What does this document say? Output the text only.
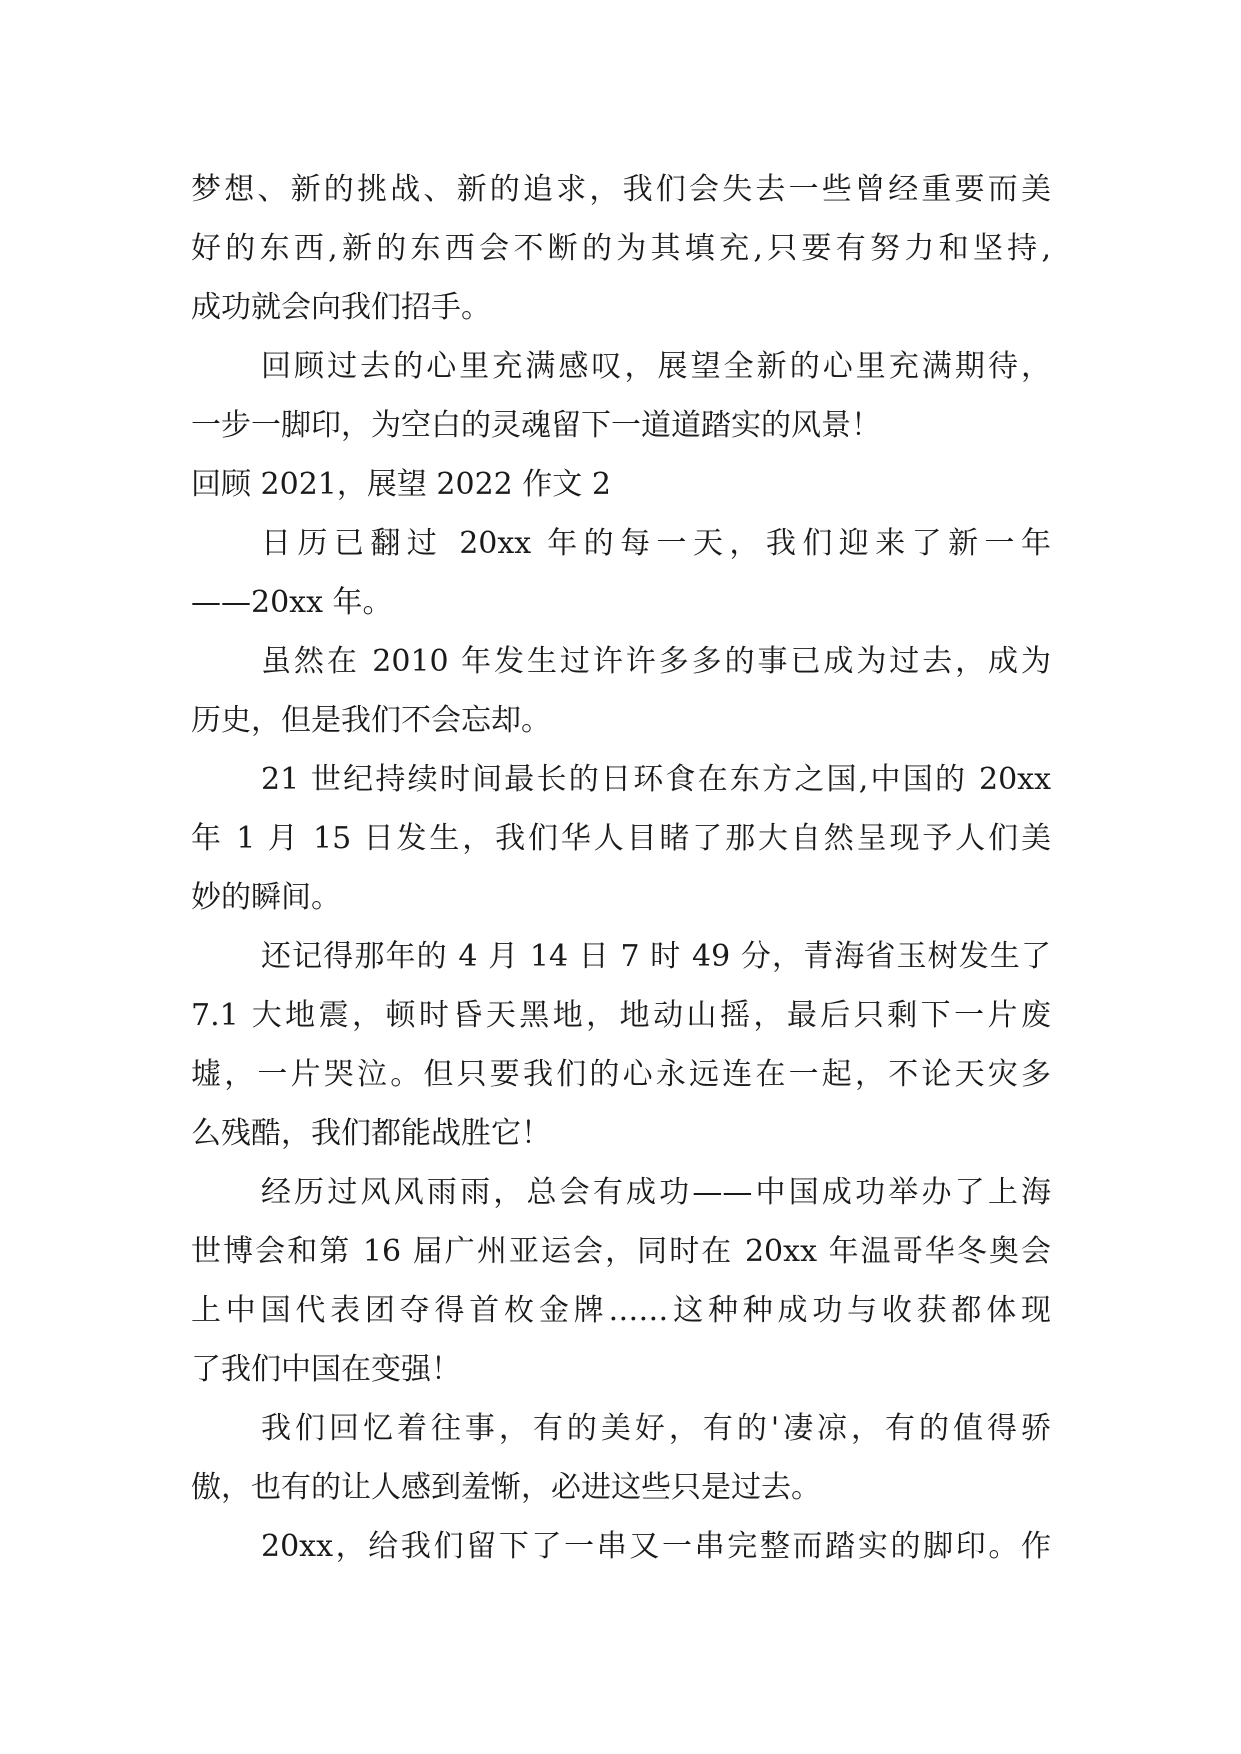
梦想、新的挑战、新的追求，我们会失去一些曾经重要而美
好的东西,新的东西会不断的为其填充,只要有努力和坚持,
成功就会向我们招手。
回顾过去的心里充满感叹，展望全新的心里充满期待，
一步一脚印，为空白的灵魂留下一道道踏实的风景！
回顾 2021，展望 2022 作文 2
日历已翻过 20xx 年的每一天，我们迎来了新一年
——20xx 年。
虽然在 2010 年发生过许许多多的事已成为过去，成为
历史，但是我们不会忘却。
21 世纪持续时间最长的日环食在东方之国,中国的 20xx
年 1 月 15 日发生，我们华人目睹了那大自然呈现予人们美
妙的瞬间。
还记得那年的 4 月 14 日 7 时 49 分，青海省玉树发生了
7.1 大地震，顿时昏天黑地，地动山摇，最后只剩下一片废
墟，一片哭泣。但只要我们的心永远连在一起，不论天灾多
么残酷，我们都能战胜它！
经历过风风雨雨，总会有成功——中国成功举办了上海
世博会和第 16 届广州亚运会，同时在 20xx 年温哥华冬奥会
上中国代表团夺得首枚金牌……这种种成功与收获都体现
了我们中国在变强！
我们回忆着往事，有的美好，有的'凄凉，有的值得骄
傲，也有的让人感到羞惭，必进这些只是过去。
20xx，给我们留下了一串又一串完整而踏实的脚印。作
